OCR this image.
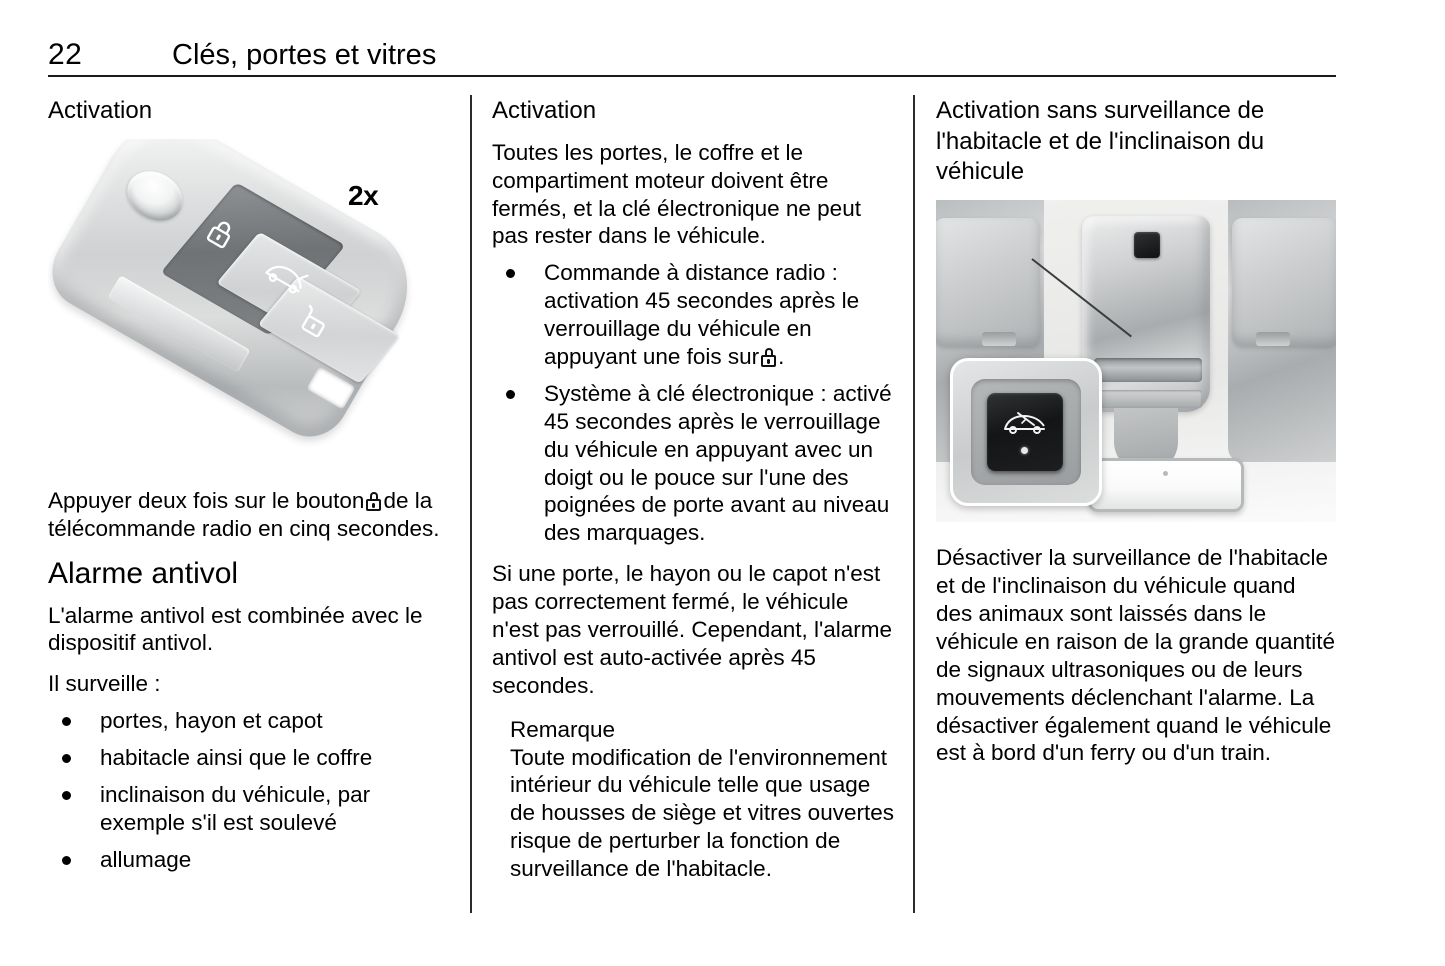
22	Clés, portes et vitres
Activation
2x

Appuyer deux fois sur le bouton de la télécommande radio en cinq secondes.

Alarme antivol

L'alarme antivol est combinée avec le dispositif antivol.

Il surveille :

portes, hayon et capot
habitacle ainsi que le coffre
inclinaison du véhicule, par exemple s'il est soulevé
allumage
Activation

Toutes les portes, le coffre et le compartiment moteur doivent être fermés, et la clé électronique ne peut pas rester dans le véhicule.

Commande à distance radio : activation 45 secondes après le verrouillage du véhicule en appuyant une fois sur .
Système à clé électronique : activé 45 secondes après le verrouillage du véhicule en appuyant avec un doigt ou le pouce sur l'une des poignées de porte avant au niveau des marquages.

Si une porte, le hayon ou le capot n'est pas correctement fermé, le véhicule n'est pas verrouillé. Cependant, l'alarme antivol est auto-activée après 45 secondes.

Remarque

Toute modification de l'environnement intérieur du véhicule telle que usage de housses de siège et vitres ouvertes risque de perturber la fonction de surveillance de l'habitacle.

Activation sans surveillance de l'habitacle et de l'inclinaison du véhicule

Désactiver la surveillance de l'habitacle et de l'inclinaison du véhicule quand des animaux sont laissés dans le véhicule en raison de la grande quantité de signaux ultrasoniques ou de leurs mouvements déclenchant l'alarme. La désactiver également quand le véhicule est à bord d'un ferry ou d'un train.
